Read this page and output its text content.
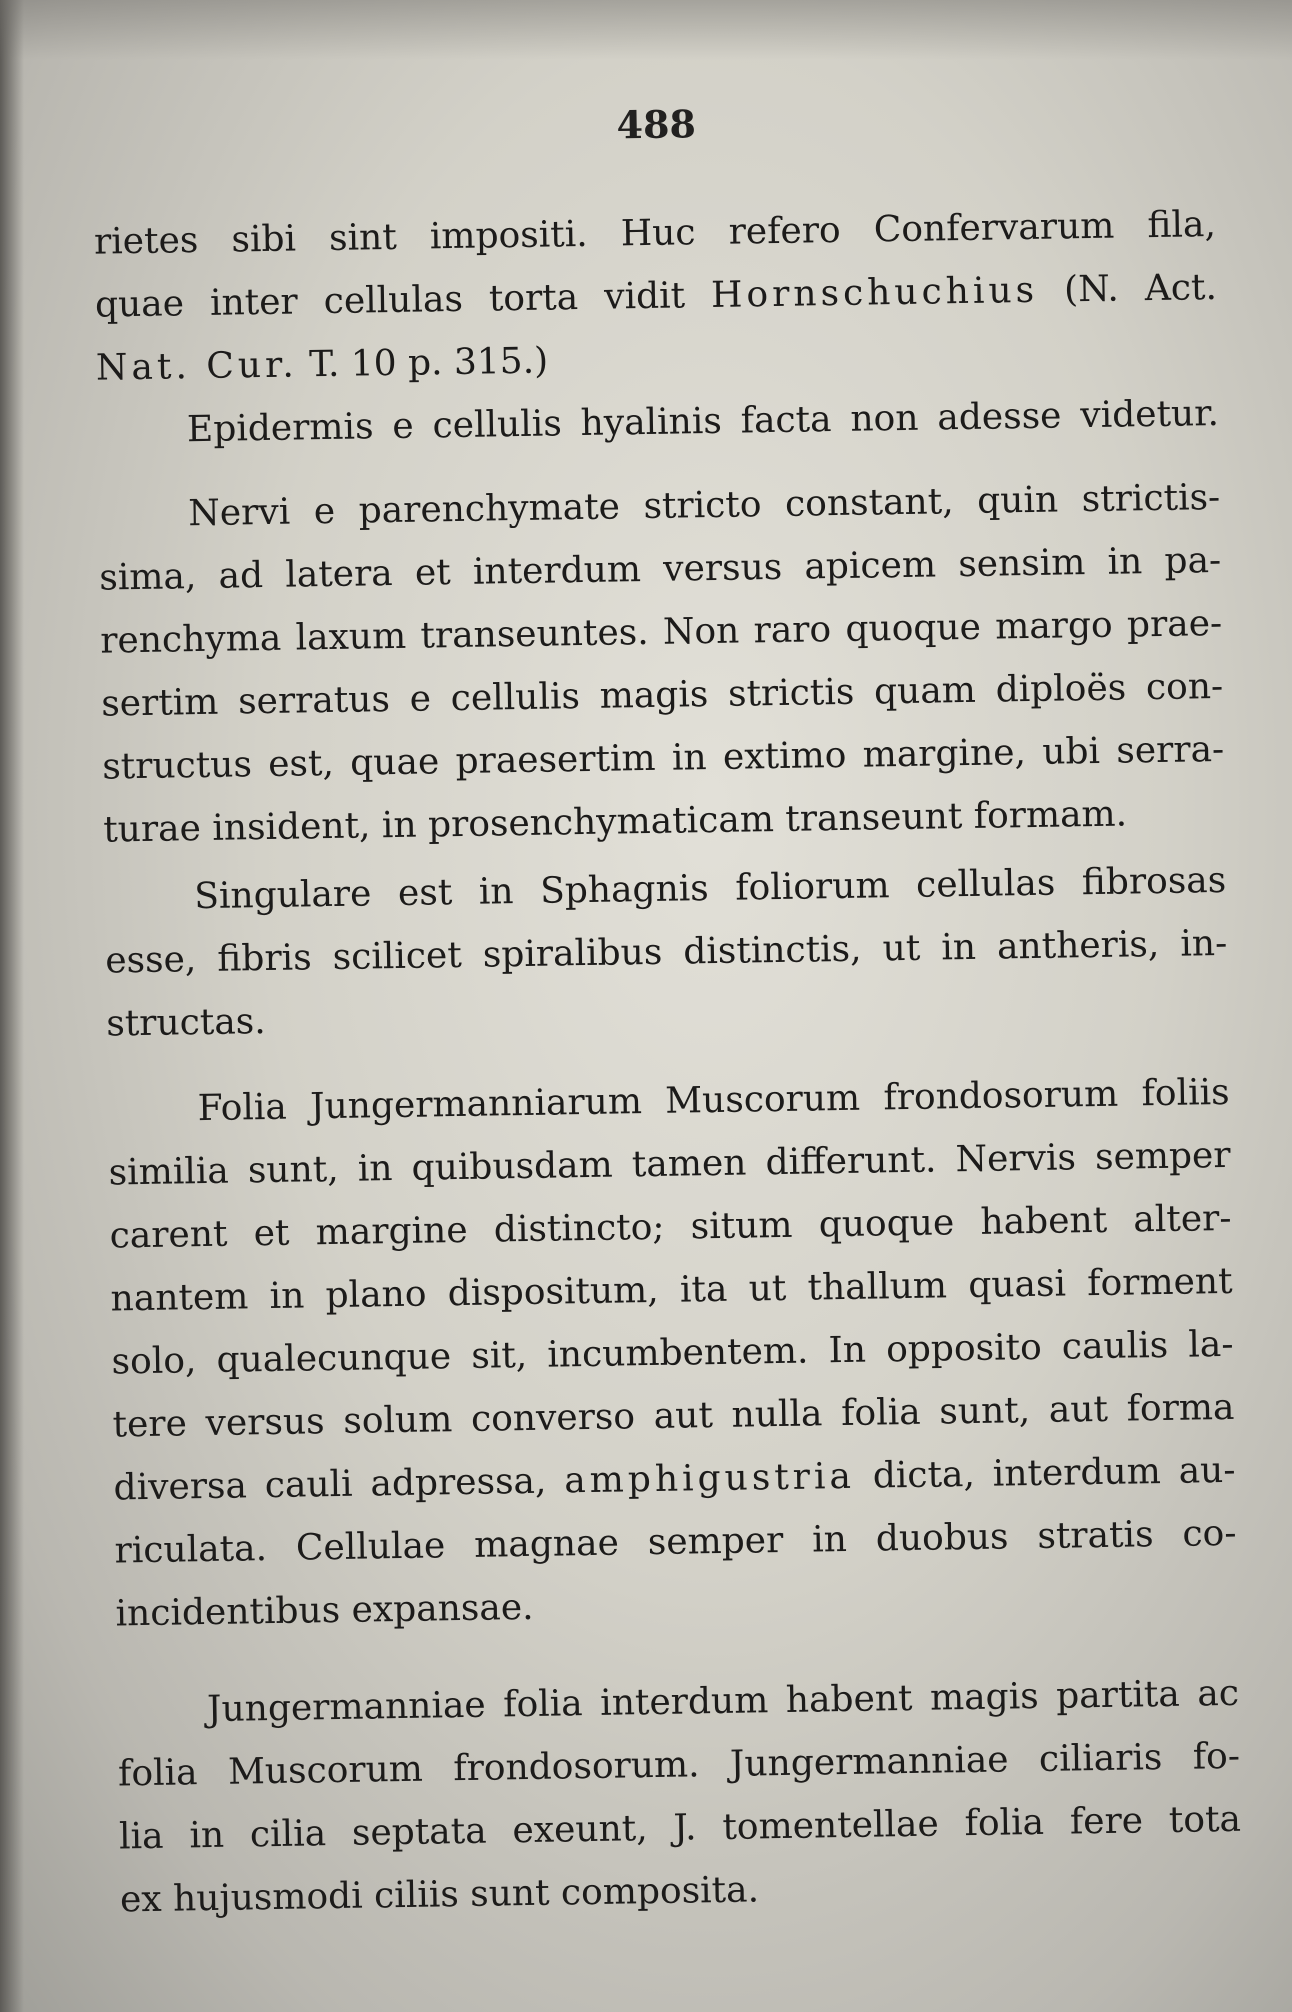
488
rietes sibi sint impositi. Huc refero Confervarum fila,
quae inter cellulas torta vidit Hornschuchius (N. Act.
Nat. Cur. T. 10 p. 315.)
Epidermis e cellulis hyalinis facta non adesse videtur.
Nervi e parenchymate stricto constant, quin strictis-
sima, ad latera et interdum versus apicem sensim in pa-
renchyma laxum transeuntes. Non raro quoque margo prae-
sertim serratus e cellulis magis strictis quam diploës con-
structus est, quae praesertim in extimo margine, ubi serra-
turae insident, in prosenchymaticam transeunt formam.
Singulare est in Sphagnis foliorum cellulas fibrosas
esse, fibris scilicet spiralibus distinctis, ut in antheris, in-
structas.
Folia Jungermanniarum Muscorum frondosorum foliis
similia sunt, in quibusdam tamen differunt. Nervis semper
carent et margine distincto; situm quoque habent alter-
nantem in plano dispositum, ita ut thallum quasi forment
solo, qualecunque sit, incumbentem. In opposito caulis la-
tere versus solum converso aut nulla folia sunt, aut forma
diversa cauli adpressa, amphigustria dicta, interdum au-
riculata. Cellulae magnae semper in duobus stratis co-
incidentibus expansae.
Jungermanniae folia interdum habent magis partita ac
folia Muscorum frondosorum. Jungermanniae ciliaris fo-
lia in cilia septata exeunt, J. tomentellae folia fere tota
ex hujusmodi ciliis sunt composita.
